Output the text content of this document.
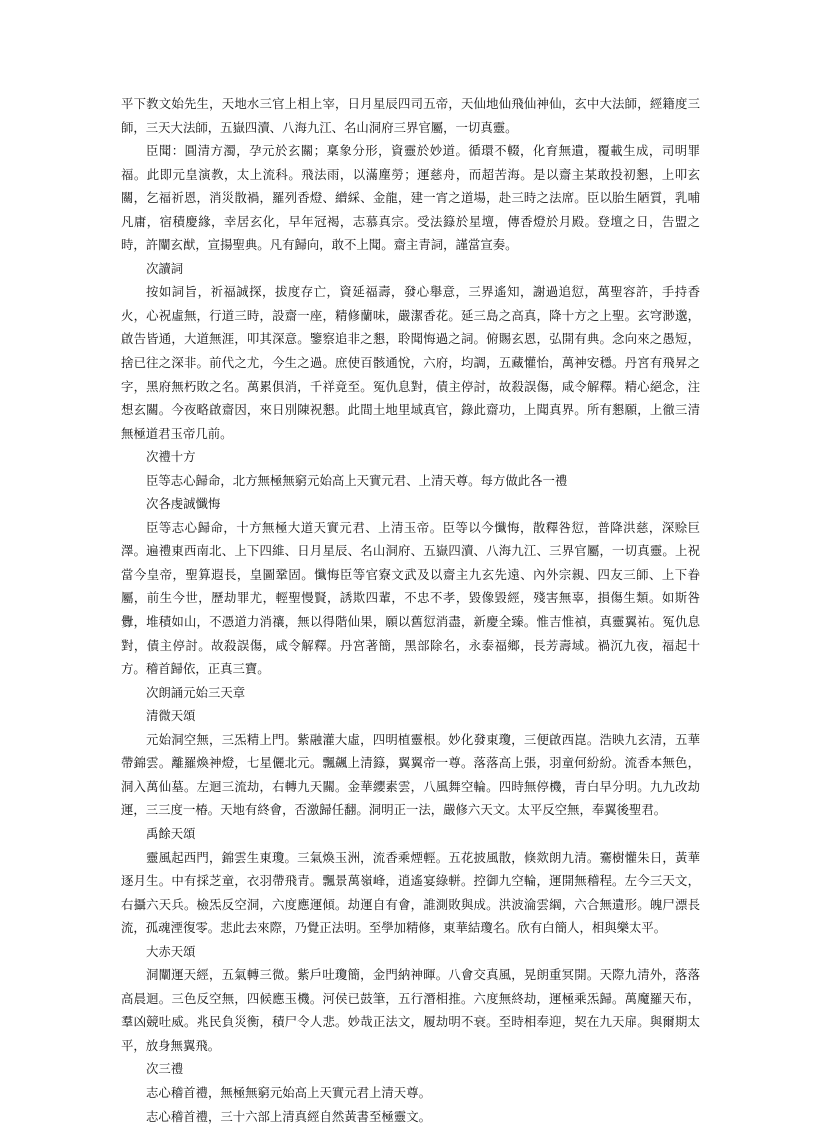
平下教文始先生，天地水三官上相上宰，日月星辰四司五帝，天仙地仙飛仙神仙，玄中大法師，經籍度三師，三天大法師，五嶽四瀆、八海九江、名山洞府三界官屬，一切真靈。

臣聞：圓清方濁，孕元於玄關；稟象分形，資靈於妙道。循環不輟，化育無遺，覆載生成，司明罪福。此即元皇演教，太上流科。飛法雨，以滿塵勞；運慈舟，而超苦海。是以齋主某敢投初懇，上叩玄關，乞福祈恩，消災散禍，羅列香燈、繒綵、金龍，建一宵之道場，赴三時之法席。臣以胎生陋質，乳哺凡庸，宿積慶緣，幸居玄化，早年冠褐，志慕真宗。受法籙於星壇，傳香燈於月殿。登壇之日，告盟之時，許闡玄猷，宣揚聖典。凡有歸向，敢不上聞。齋主青詞，謹當宣奏。

次讀詞

按如詞旨，祈福誠探，拔度存亡，資延福壽，發心舉意，三界遙知，謝過追愆，萬聖容許，手持香火，心祝虛無，行道三時，設齋一座，精修蘭味，嚴潔香花。延三島之高真，降十方之上聖。玄穹渺邈，啟告皆通，大道無涯，叩其深意。鑒察追非之懇，聆聞悔過之詞。俯賜玄恩，弘開有典。念向來之愚短，捨已往之深非。前代之尤，今生之過。庶使百骸通悅，六府，均調，五藏懽怡，萬神安穩。丹宮有飛昇之字，黑府無朽敗之名。萬累俱消，千祥竟至。冤仇息對，債主停討，故殺誤傷，咸令解釋。精心絕念，注想玄關。今夜略啟齋因，來日別陳祝懇。此間土地里域真官，錄此齋功，上聞真界。所有懇願，上徹三清無極道君玉帝几前。

次禮十方

臣等志心歸命，北方無極無窮元始高上天實元君、上清天尊。每方做此各一禮

次各虔誠懺悔

臣等志心歸命，十方無極大道天實元君、上清玉帝。臣等以今懺悔，散釋咎愆，普降洪慈，深赊巨澤。遍禮東西南北、上下四維、日月星辰、名山洞府、五嶽四瀆、八海九江、三界官屬，一切真靈。上祝當今皇帝，聖算遐長，皇圖鞏固。懺悔臣等官寮文武及以齋主九玄先遠、內外宗親、四友三師、上下眷屬，前生今世，歷劫罪尤，輕聖慢賢，誘欺四輩，不忠不孝，毀像毀經，殘害無辜，損傷生類。如斯咎釁，堆積如山，不憑道力消禳，無以得階仙果，願以舊愆消盡，新慶全臻。惟吉惟禎，真靈翼祐。冤仇息對，債主停討。故殺誤傷，咸令解釋。丹宮著簡，黑部除名，永泰福鄉，長芳壽域。禍沉九夜，福起十方。稽首歸依，正真三寶。

次朗誦元始三天章

清微天頌

元始洞空無，三炁精上門。紫融灌大虛，四明植靈根。妙化發東瓊，三便啟西崑。浩映九玄清，五華帶錦雲。離羅煥神燈，七星儷北元。飄飆上清籙，翼翼帝一尊。落落高上張，羽童何紛紛。流香本無色，洞入萬仙墓。左迴三流劫，右轉九天關。金華纓素雲，八風舞空輪。四時無停機，青白早分明。九九改劫運，三三度一椿。天地有終會，否激歸任翻。洞明正一法，嚴修六天文。太平反空無，奉翼後聖君。

禹餘天頌

靈風起西門，錦雲生東瓊。三氣煥玉洲，流香乘煙輕。五花披風散，倏欻朗九清。騫樹懽朱日，黃華逐月生。中有採芝童，衣羽帶飛青。飄景萬嶺峰，逍遙宴綠軿。控御九空輪，運開無稽程。左今三天文，右攝六天兵。檢炁反空洞，六度應運傾。劫運自有會，誰測敗與成。洪波淪雲綱，六合無遺形。魄尸漂長流，孤魂湮復零。悲此去來際，乃覺正法明。至學加精修，東華結瓊名。欣有白簡人，相與樂太平。

大赤天頌

洞闡運天經，五氣轉三微。紫戶吐瓊簡，金門納神暉。八會交真風，晃朗重冥開。天際九清外，落落高晨迴。三色反空無，四候應玉機。河侯已鼓筆，五行潛相推。六度無終劫，運極乘炁歸。萬魔羅天布，羣凶競吐威。兆民負災衡，積尸令人悲。妙哉正法文，履劫明不衰。至時相奉迎，契在九天扉。與爾期太平，放身無翼飛。

次三禮

志心稽首禮，無極無窮元始高上天實元君上清天尊。

志心稽首禮，三十六部上清真經自然黃書至極靈文。
